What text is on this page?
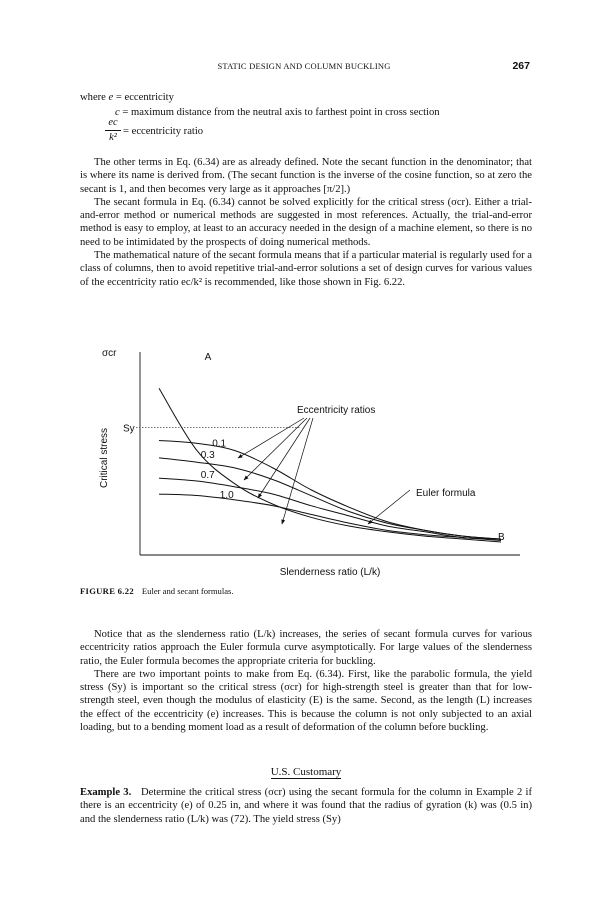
STATIC DESIGN AND COLUMN BUCKLING	267
where e = eccentricity
c = maximum distance from the neutral axis to farthest point in cross section
ec
k²
= eccentricity ratio

The other terms in Eq. (6.34) are as already defined. Note the secant function in the denominator; that is where its name is derived from. (The secant function is the inverse of the cosine function, so at zero the secant is 1, and then becomes very large as it approaches [π/2].)

The secant formula in Eq. (6.34) cannot be solved explicitly for the critical stress (σcr). Either a trial-and-error method or numerical methods are suggested in most references. Actually, the trial-and-error method is easy to employ, at least to an accuracy needed in the design of a machine element, so there is no need to be intimidated by the prospects of doing numerical methods.

The mathematical nature of the secant formula means that if a particular material is regularly used for a class of columns, then to avoid repetitive trial-and-error solutions a set of design curves for various values of the eccentricity ratio ec/k² is recommended, like those shown in Fig. 6.22.

σcr
Critical stress Sy
Slenderness ratio (L/k)
A
B
Eccentricity ratios
Euler formula
0.1
0.3
0.7
1.0
FIGURE 6.22 Euler and secant formulas.

Notice that as the slenderness ratio (L/k) increases, the series of secant formula curves for various eccentricity ratios approach the Euler formula curve asymptotically. For large values of the slenderness ratio, the Euler formula becomes the appropriate criteria for buckling.

There are two important points to make from Eq. (6.34). First, like the parabolic formula, the yield stress (Sy) is important so the critical stress (σcr) for high-strength steel is greater than that for low-strength steel, even though the modulus of elasticity (E) is the same. Second, as the length (L) increases the effect of the eccentricity (e) increases. This is because the column is not only subjected to an axial loading, but to a bending moment load as a result of deformation of the column before buckling.

U.S. Customary

Example 3. Determine the critical stress (σcr) using the secant formula for the column in Example 2 if there is an eccentricity (e) of 0.25 in, and where it was found that the radius of gyration (k) was (0.5 in) and the slenderness ratio (L/k) was (72). The yield stress (Sy)
